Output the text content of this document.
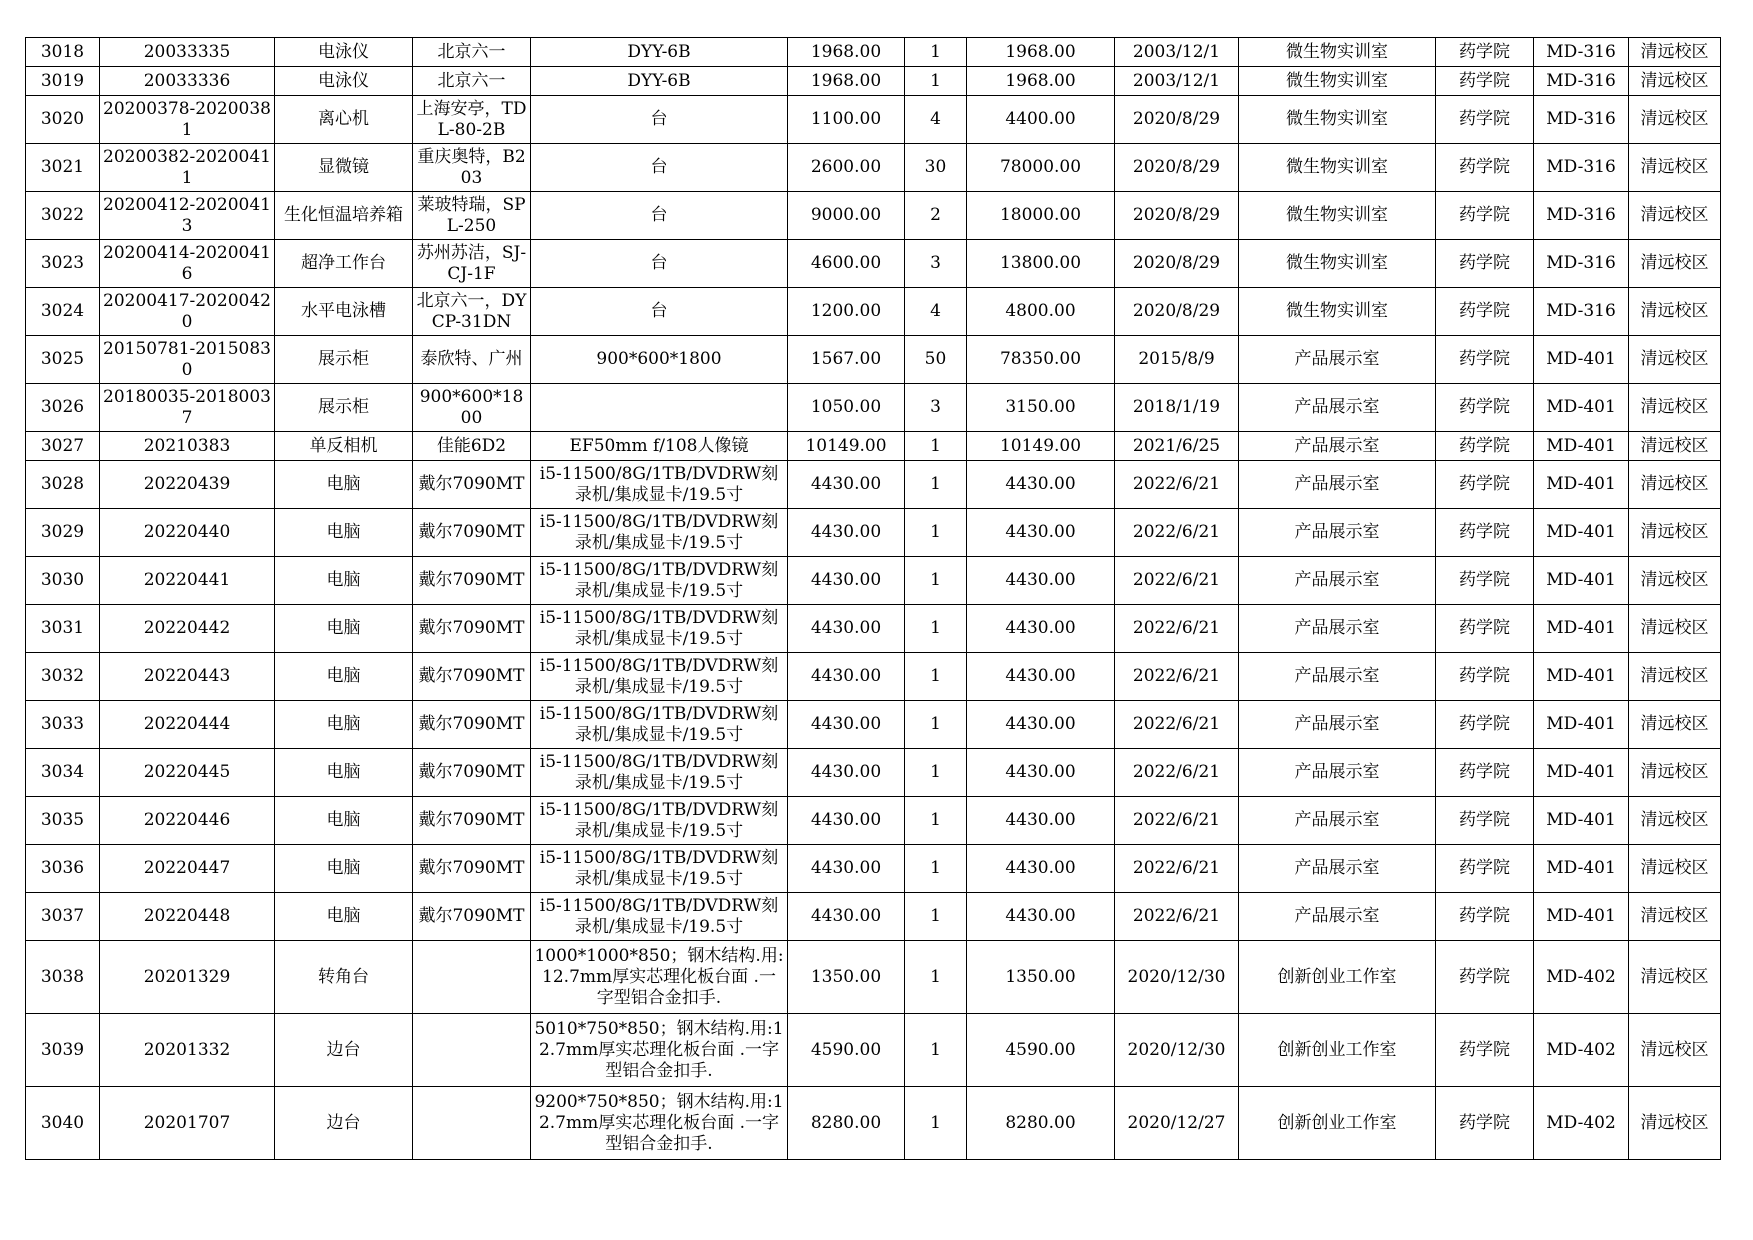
3018	20033335	电泳仪	北京六一	DYY-6B	1968.00	1	1968.00	2003/12/1	微生物实训室	药学院	MD-316	清远校区
3019	20033336	电泳仪	北京六一	DYY-6B	1968.00	1	1968.00	2003/12/1	微生物实训室	药学院	MD-316	清远校区
3020	20200378-20200381	离心机	上海安亭，TDL-80-2B	台	1100.00	4	4400.00	2020/8/29	微生物实训室	药学院	MD-316	清远校区
3021	20200382-20200411	显微镜	重庆奥特，B203	台	2600.00	30	78000.00	2020/8/29	微生物实训室	药学院	MD-316	清远校区
3022	20200412-20200413	生化恒温培养箱	莱玻特瑞，SPL-250	台	9000.00	2	18000.00	2020/8/29	微生物实训室	药学院	MD-316	清远校区
3023	20200414-20200416	超净工作台	苏州苏洁，SJ-CJ-1F	台	4600.00	3	13800.00	2020/8/29	微生物实训室	药学院	MD-316	清远校区
3024	20200417-20200420	水平电泳槽	北京六一，DYCP-31DN	台	1200.00	4	4800.00	2020/8/29	微生物实训室	药学院	MD-316	清远校区
3025	20150781-20150830	展示柜	泰欣特、广州	900*600*1800	1567.00	50	78350.00	2015/8/9	产品展示室	药学院	MD-401	清远校区
3026	20180035-20180037	展示柜	900*600*1800		1050.00	3	3150.00	2018/1/19	产品展示室	药学院	MD-401	清远校区
3027	20210383	单反相机	佳能6D2	EF50mm f/108人像镜	10149.00	1	10149.00	2021/6/25	产品展示室	药学院	MD-401	清远校区
3028	20220439	电脑	戴尔7090MT	i5-11500/8G/1TB/DVDRW刻录机/集成显卡/19.5寸	4430.00	1	4430.00	2022/6/21	产品展示室	药学院	MD-401	清远校区
3029	20220440	电脑	戴尔7090MT	i5-11500/8G/1TB/DVDRW刻录机/集成显卡/19.5寸	4430.00	1	4430.00	2022/6/21	产品展示室	药学院	MD-401	清远校区
3030	20220441	电脑	戴尔7090MT	i5-11500/8G/1TB/DVDRW刻录机/集成显卡/19.5寸	4430.00	1	4430.00	2022/6/21	产品展示室	药学院	MD-401	清远校区
3031	20220442	电脑	戴尔7090MT	i5-11500/8G/1TB/DVDRW刻录机/集成显卡/19.5寸	4430.00	1	4430.00	2022/6/21	产品展示室	药学院	MD-401	清远校区
3032	20220443	电脑	戴尔7090MT	i5-11500/8G/1TB/DVDRW刻录机/集成显卡/19.5寸	4430.00	1	4430.00	2022/6/21	产品展示室	药学院	MD-401	清远校区
3033	20220444	电脑	戴尔7090MT	i5-11500/8G/1TB/DVDRW刻录机/集成显卡/19.5寸	4430.00	1	4430.00	2022/6/21	产品展示室	药学院	MD-401	清远校区
3034	20220445	电脑	戴尔7090MT	i5-11500/8G/1TB/DVDRW刻录机/集成显卡/19.5寸	4430.00	1	4430.00	2022/6/21	产品展示室	药学院	MD-401	清远校区
3035	20220446	电脑	戴尔7090MT	i5-11500/8G/1TB/DVDRW刻录机/集成显卡/19.5寸	4430.00	1	4430.00	2022/6/21	产品展示室	药学院	MD-401	清远校区
3036	20220447	电脑	戴尔7090MT	i5-11500/8G/1TB/DVDRW刻录机/集成显卡/19.5寸	4430.00	1	4430.00	2022/6/21	产品展示室	药学院	MD-401	清远校区
3037	20220448	电脑	戴尔7090MT	i5-11500/8G/1TB/DVDRW刻录机/集成显卡/19.5寸	4430.00	1	4430.00	2022/6/21	产品展示室	药学院	MD-401	清远校区
3038	20201329	转角台		1000*1000*850；钢木结构.用:12.7mm厚实芯理化板台面 .一字型铝合金扣手.	1350.00	1	1350.00	2020/12/30	创新创业工作室	药学院	MD-402	清远校区
3039	20201332	边台		5010*750*850；钢木结构.用:12.7mm厚实芯理化板台面 .一字型铝合金扣手.	4590.00	1	4590.00	2020/12/30	创新创业工作室	药学院	MD-402	清远校区
3040	20201707	边台		9200*750*850；钢木结构.用:12.7mm厚实芯理化板台面 .一字型铝合金扣手.	8280.00	1	8280.00	2020/12/27	创新创业工作室	药学院	MD-402	清远校区
